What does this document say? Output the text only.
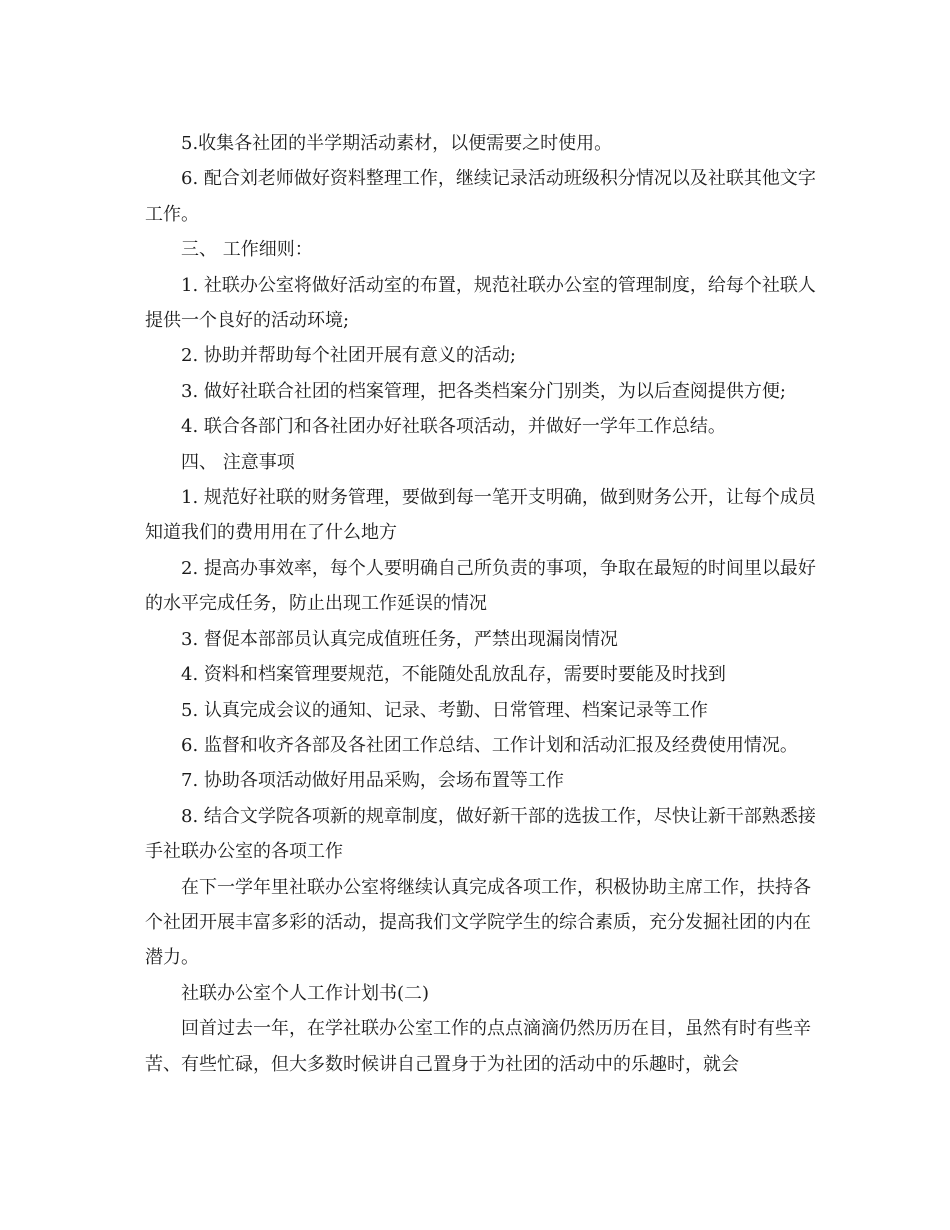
5.收集各社团的半学期活动素材，以便需要之时使用。

6. 配合刘老师做好资料整理工作，继续记录活动班级积分情况以及社联其他文字工作。

三、 工作细则：

1. 社联办公室将做好活动室的布置，规范社联办公室的管理制度，给每个社联人提供一个良好的活动环境;

2. 协助并帮助每个社团开展有意义的活动;

3. 做好社联合社团的档案管理，把各类档案分门别类，为以后查阅提供方便;

4. 联合各部门和各社团办好社联各项活动，并做好一学年工作总结。

四、 注意事项

1. 规范好社联的财务管理，要做到每一笔开支明确，做到财务公开，让每个成员知道我们的费用用在了什么地方

2. 提高办事效率，每个人要明确自己所负责的事项，争取在最短的时间里以最好的水平完成任务，防止出现工作延误的情况

3. 督促本部部员认真完成值班任务，严禁出现漏岗情况

4. 资料和档案管理要规范，不能随处乱放乱存，需要时要能及时找到

5. 认真完成会议的通知、记录、考勤、日常管理、档案记录等工作

6. 监督和收齐各部及各社团工作总结、工作计划和活动汇报及经费使用情况。

7. 协助各项活动做好用品采购，会场布置等工作

8. 结合文学院各项新的规章制度，做好新干部的选拔工作，尽快让新干部熟悉接手社联办公室的各项工作

在下一学年里社联办公室将继续认真完成各项工作，积极协助主席工作，扶持各个社团开展丰富多彩的活动，提高我们文学院学生的综合素质，充分发掘社团的内在潜力。

社联办公室个人工作计划书(二)

回首过去一年，在学社联办公室工作的点点滴滴仍然历历在目，虽然有时有些辛苦、有些忙碌，但大多数时候讲自己置身于为社团的活动中的乐趣时，就会
